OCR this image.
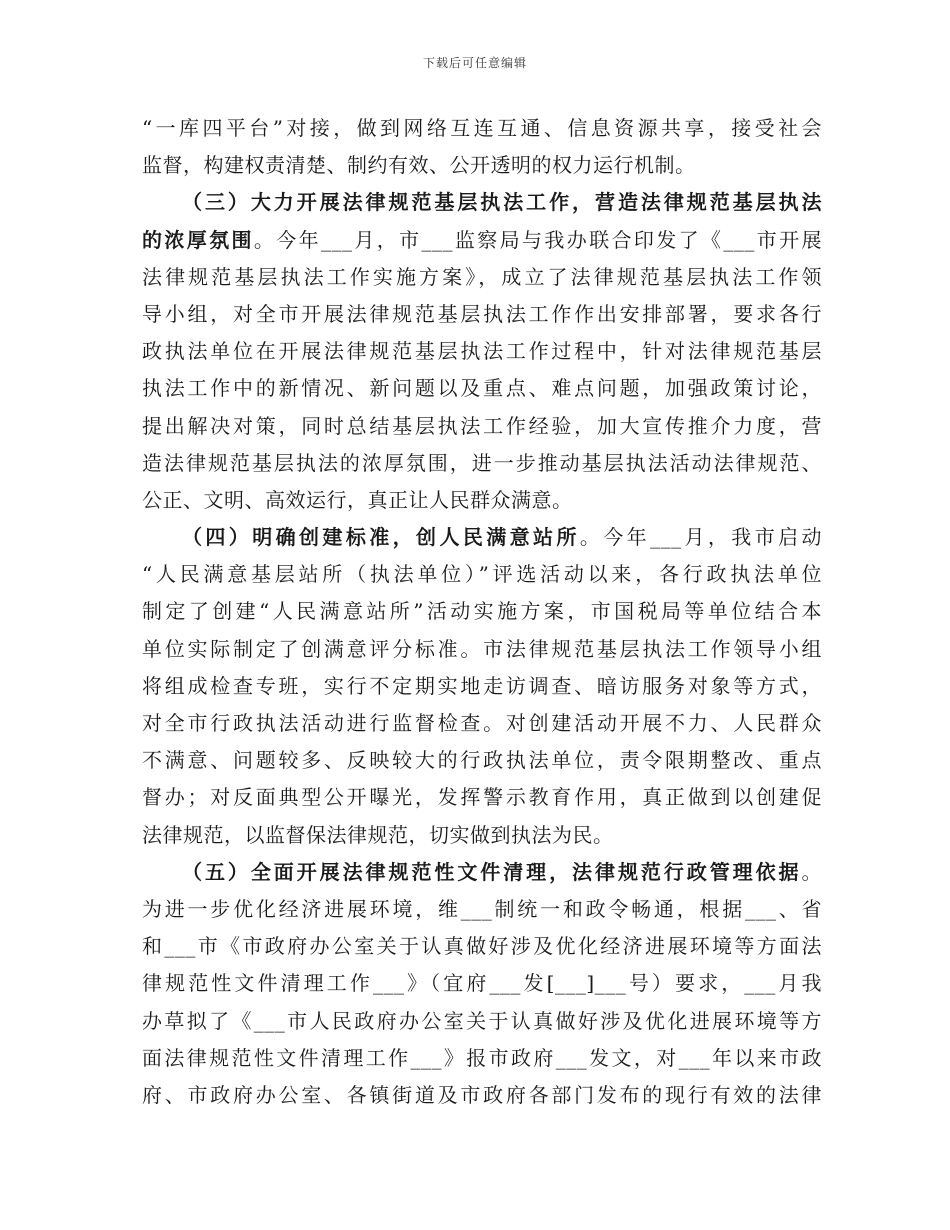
下载后可任意编辑
“一库四平台”对接，做到网络互连互通、信息资源共享，接受社会
监督，构建权责清楚、制约有效、公开透明的权力运行机制。
（三）大力开展法律规范基层执法工作，营造法律规范基层执法
的浓厚氛围。今年___月，市___监察局与我办联合印发了《___市开展
法律规范基层执法工作实施方案》，成立了法律规范基层执法工作领
导小组，对全市开展法律规范基层执法工作作出安排部署，要求各行
政执法单位在开展法律规范基层执法工作过程中，针对法律规范基层
执法工作中的新情况、新问题以及重点、难点问题，加强政策讨论，
提出解决对策，同时总结基层执法工作经验，加大宣传推介力度，营
造法律规范基层执法的浓厚氛围，进一步推动基层执法活动法律规范、
公正、文明、高效运行，真正让人民群众满意。
（四）明确创建标准，创人民满意站所。今年___月，我市启动
“人民满意基层站所（执法单位）”评选活动以来，各行政执法单位
制定了创建“人民满意站所”活动实施方案，市国税局等单位结合本
单位实际制定了创满意评分标准。市法律规范基层执法工作领导小组
将组成检查专班，实行不定期实地走访调查、暗访服务对象等方式，
对全市行政执法活动进行监督检查。对创建活动开展不力、人民群众
不满意、问题较多、反映较大的行政执法单位，责令限期整改、重点
督办；对反面典型公开曝光，发挥警示教育作用，真正做到以创建促
法律规范，以监督保法律规范，切实做到执法为民。
（五）全面开展法律规范性文件清理，法律规范行政管理依据。
为进一步优化经济进展环境，维___制统一和政令畅通，根据___、省
和___市《市政府办公室关于认真做好涉及优化经济进展环境等方面法
律规范性文件清理工作___》（宜府___发[___]___号）要求，___月我
办草拟了《___市人民政府办公室关于认真做好涉及优化进展环境等方
面法律规范性文件清理工作___》报市政府___发文，对___年以来市政
府、市政府办公室、各镇街道及市政府各部门发布的现行有效的法律
